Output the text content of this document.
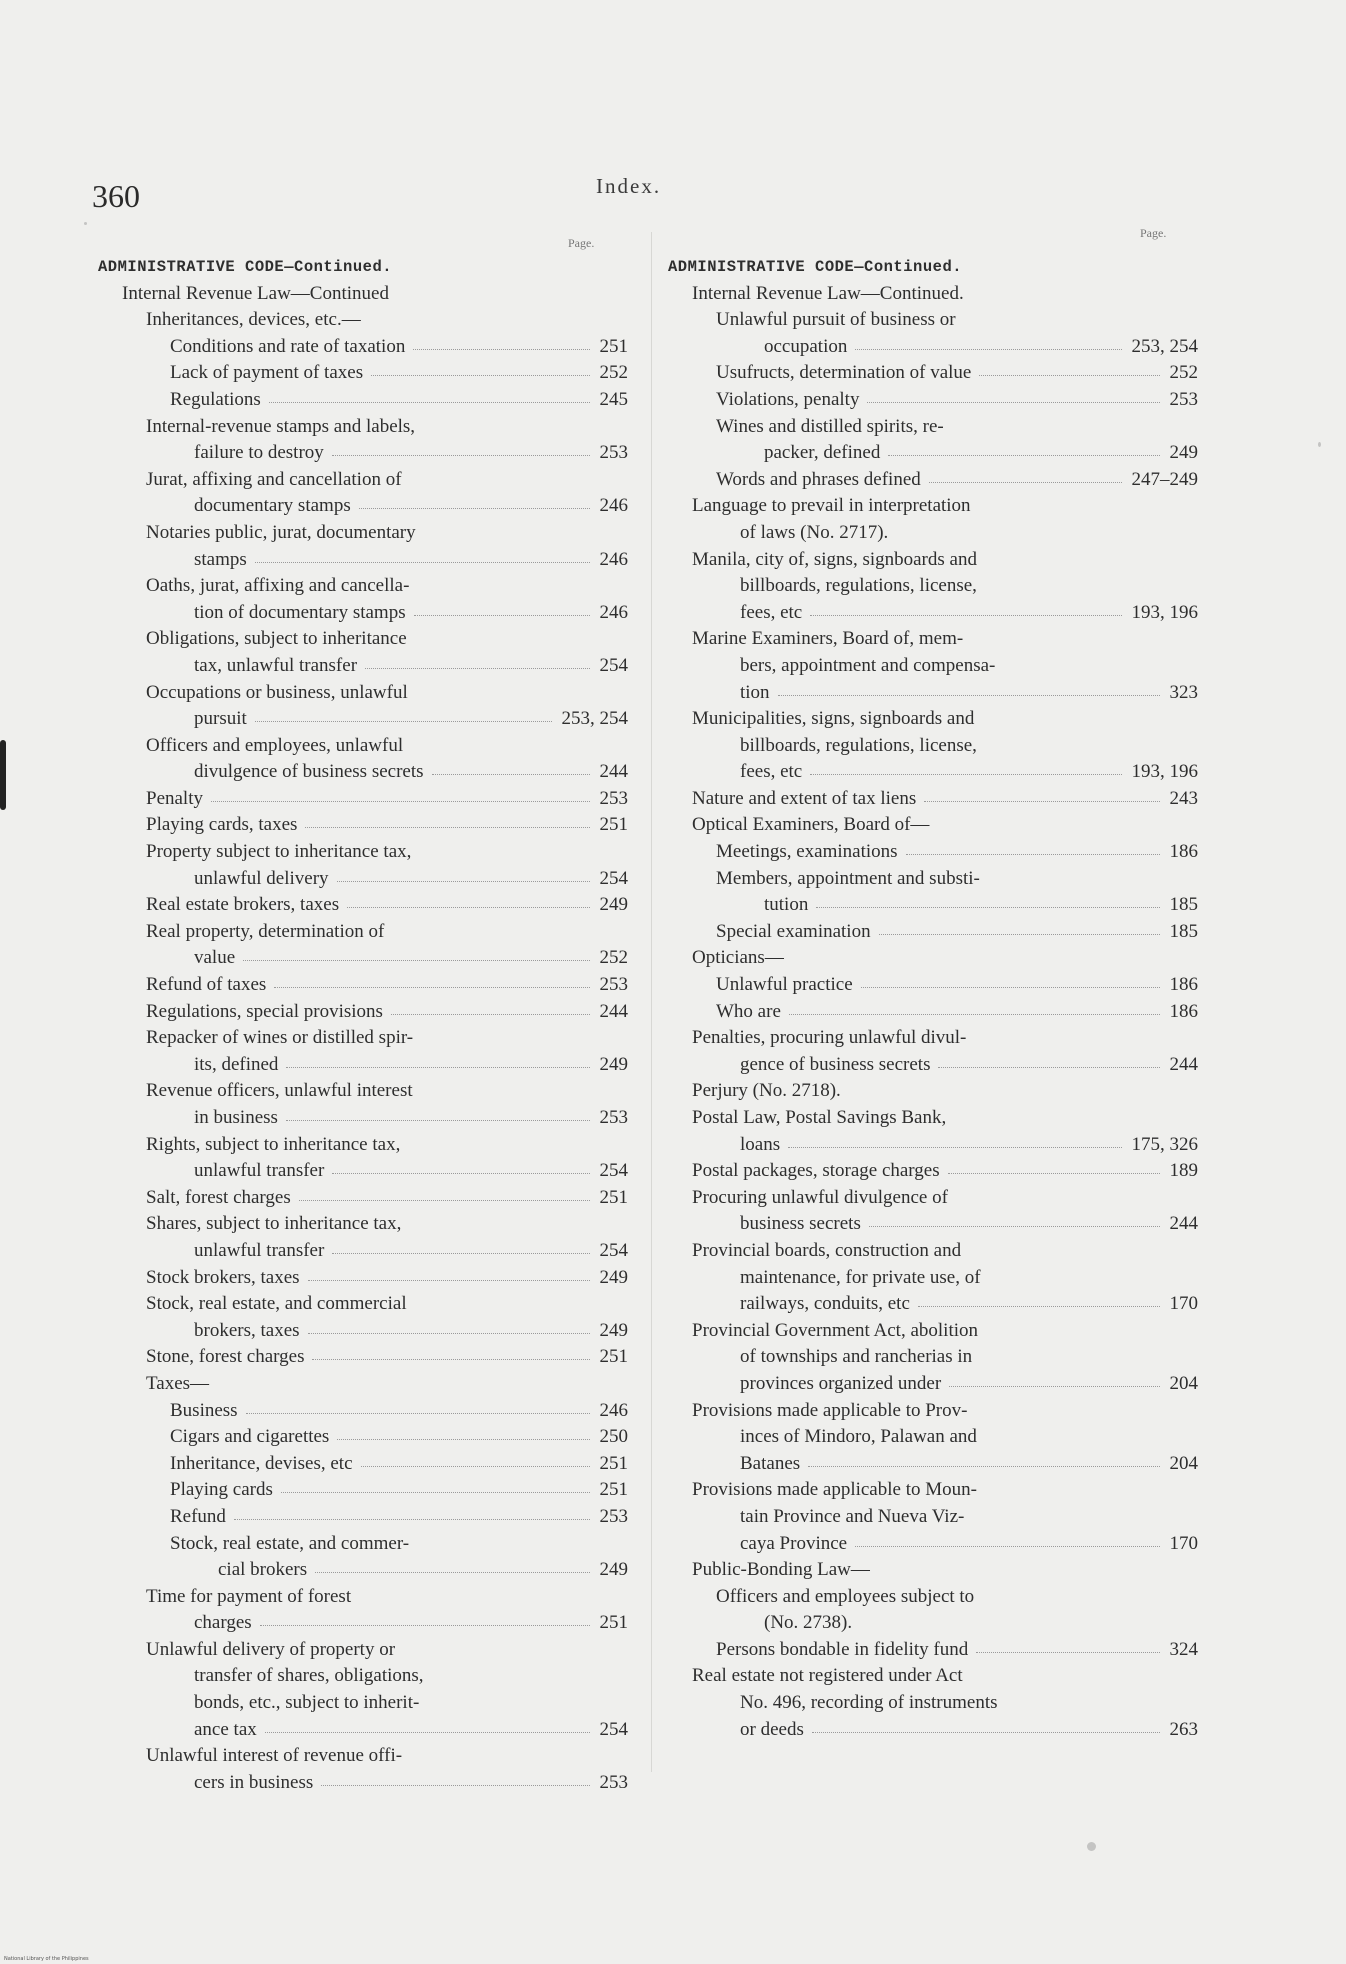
360	Index.
Page.
Page.
ADMINISTRATIVE CODE—Continued.
Internal Revenue Law—Continued
Inheritances, devices, etc.—
Conditions and rate of taxation	251
Lack of payment of taxes	252
Regulations	245
Internal-revenue stamps and labels,
failure to destroy	253
Jurat, affixing and cancellation of
documentary stamps	246
Notaries public, jurat, documentary
stamps	246
Oaths, jurat, affixing and cancella-
tion of documentary stamps	246
Obligations, subject to inheritance
tax, unlawful transfer	254
Occupations or business, unlawful
pursuit	253, 254
Officers and employees, unlawful
divulgence of business secrets	244
Penalty	253
Playing cards, taxes	251
Property subject to inheritance tax,
unlawful delivery	254
Real estate brokers, taxes	249
Real property, determination of
value	252
Refund of taxes	253
Regulations, special provisions	244
Repacker of wines or distilled spir-
its, defined	249
Revenue officers, unlawful interest
in business	253
Rights, subject to inheritance tax,
unlawful transfer	254
Salt, forest charges	251
Shares, subject to inheritance tax,
unlawful transfer	254
Stock brokers, taxes	249
Stock, real estate, and commercial
brokers, taxes	249
Stone, forest charges	251
Taxes—
Business	246
Cigars and cigarettes	250
Inheritance, devises, etc	251
Playing cards	251
Refund	253
Stock, real estate, and commer-
cial brokers	249
Time for payment of forest
charges	251
Unlawful delivery of property or
transfer of shares, obligations,
bonds, etc., subject to inherit-
ance tax	254
Unlawful interest of revenue offi-
cers in business	253
ADMINISTRATIVE CODE—Continued.
Internal Revenue Law—Continued.
Unlawful pursuit of business or
occupation	253, 254
Usufructs, determination of value	252
Violations, penalty	253
Wines and distilled spirits, re-
packer, defined	249
Words and phrases defined	247–249
Language to prevail in interpretation
of laws (No. 2717).
Manila, city of, signs, signboards and
billboards, regulations, license,
fees, etc	193, 196
Marine Examiners, Board of, mem-
bers, appointment and compensa-
tion	323
Municipalities, signs, signboards and
billboards, regulations, license,
fees, etc	193, 196
Nature and extent of tax liens	243
Optical Examiners, Board of—
Meetings, examinations	186
Members, appointment and substi-
tution	185
Special examination	185
Opticians—
Unlawful practice	186
Who are	186
Penalties, procuring unlawful divul-
gence of business secrets	244
Perjury (No. 2718).
Postal Law, Postal Savings Bank,
loans	175, 326
Postal packages, storage charges	189
Procuring unlawful divulgence of
business secrets	244
Provincial boards, construction and
maintenance, for private use, of
railways, conduits, etc	170
Provincial Government Act, abolition
of townships and rancherias in
provinces organized under	204
Provisions made applicable to Prov-
inces of Mindoro, Palawan and
Batanes	204
Provisions made applicable to Moun-
tain Province and Nueva Viz-
caya Province	170
Public-Bonding Law—
Officers and employees subject to
(No. 2738).
Persons bondable in fidelity fund	324
Real estate not registered under Act
No. 496, recording of instruments
or deeds	263
National Library of the Philippines
